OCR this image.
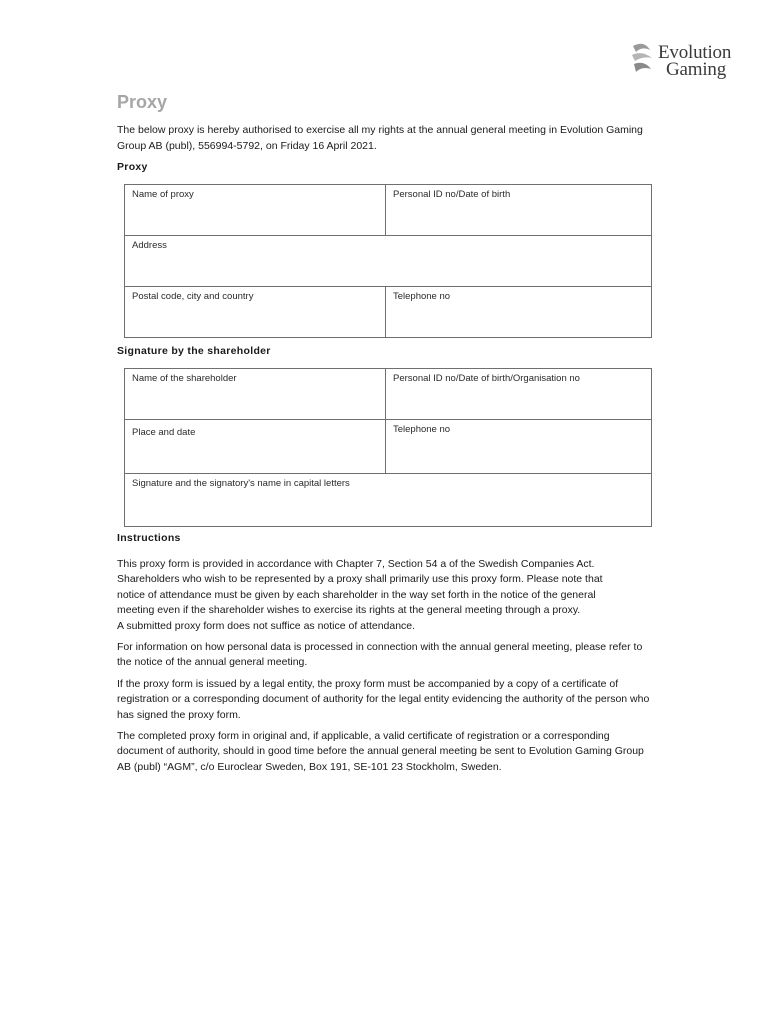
Evolution
Gaming
Proxy
The below proxy is hereby authorised to exercise all my rights at the annual general meeting in Evolution Gaming Group AB (publ), 556994-5792, on Friday 16 April 2021.
Proxy
Name of proxy	Personal ID no/Date of birth
Address	
Postal code, city and country	Telephone no
Signature by the shareholder
Name of the shareholder	Personal ID no/Date of birth/Organisation no
Place and date	Telephone no
Signature and the signatory's name in capital letters	
Instructions

This proxy form is provided in accordance with Chapter 7, Section 54 a of the Swedish Companies Act.
Shareholders who wish to be represented by a proxy shall primarily use this proxy form. Please note that
notice of attendance must be given by each shareholder in the way set forth in the notice of the general
meeting even if the shareholder wishes to exercise its rights at the general meeting through a proxy.
A submitted proxy form does not suffice as notice of attendance.

For information on how personal data is processed in connection with the annual general meeting, please refer to the notice of the annual general meeting.

If the proxy form is issued by a legal entity, the proxy form must be accompanied by a copy of a certificate of registration or a corresponding document of authority for the legal entity evidencing the authority of the person who has signed the proxy form.

The completed proxy form in original and, if applicable, a valid certificate of registration or a corresponding document of authority, should in good time before the annual general meeting be sent to Evolution Gaming Group AB (publ) “AGM”, c/o Euroclear Sweden, Box 191, SE-101 23 Stockholm, Sweden.
